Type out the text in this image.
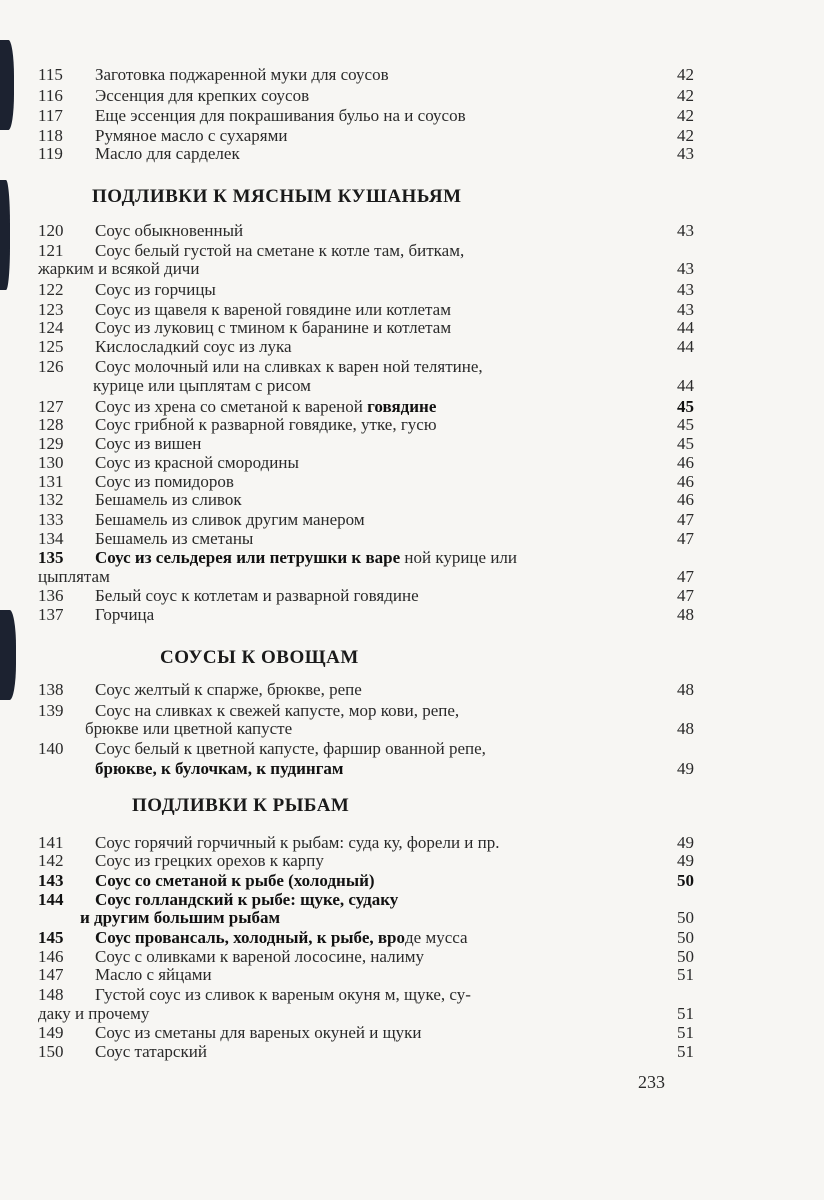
115 Заготовка поджаренной муки для соусов	42
116 Эссенция для крепких соусов	42
117 Еще эссенция для покрашивания бульо на и соусов	42
118 Румяное масло с сухарями	42
119 Масло для сарделек	43
ПОДЛИВКИ К МЯСНЫМ КУШАНЬЯМ
120 Соус обыкновенный	43
121 Соус белый густой на сметане к котле там, биткам,
жарким и всякой дичи	43
122 Соус из горчицы	43
123 Соус из щавеля к вареной говядине или котлетам	43
124 Соус из луковиц с тмином к баранине и котлетам	44
125 Кислосладкий соус из лука	44
126 Соус молочный или на сливках к варен ной телятине,
курице или цыплятам с рисом	44
127 Соус из хрена со сметаной к вареной говядине	45
128 Соус грибной к разварной говядике, утке, гусю	45
129 Соус из вишен	45
130 Соус из красной смородины	46
131 Соус из помидоров	46
132 Бешамель из сливок	46
133 Бешамель из сливок другим манером	47
134 Бешамель из сметаны	47
135 Соус из сельдерея или петрушки к варе ной курице или
цыплятам	47
136 Белый соус к котлетам и разварной говядине	47
137 Горчица	48
СОУСЫ К ОВОЩАМ
138 Соус желтый к спарже, брюкве, репе	48
139 Соус на сливках к свежей капусте, мор кови, репе,
брюкве или цветной капусте	48
140 Соус белый к цветной капусте, фаршир ованной репе,
брюкве, к булочкам, к пудингам	49
ПОДЛИВКИ К РЫБАМ
141 Соус горячий горчичный к рыбам: суда ку, форели и пр.	49
142 Соус из грецких орехов к карпу	49
143 Соус со сметаной к рыбе (холодный)	50
144 Соус голландский к рыбе: щуке, судаку
и другим большим рыбам	50
145 Соус провансаль, холодный, к рыбе, вроде мусса	50
146 Соус с оливками к вареной лососине, налиму	50
147 Масло с яйцами	51
148 Густой соус из сливок к вареным окуня м, щуке, су-
даку и прочему	51
149 Соус из сметаны для вареных окуней и щуки	51
150 Соус татарский	51
233
